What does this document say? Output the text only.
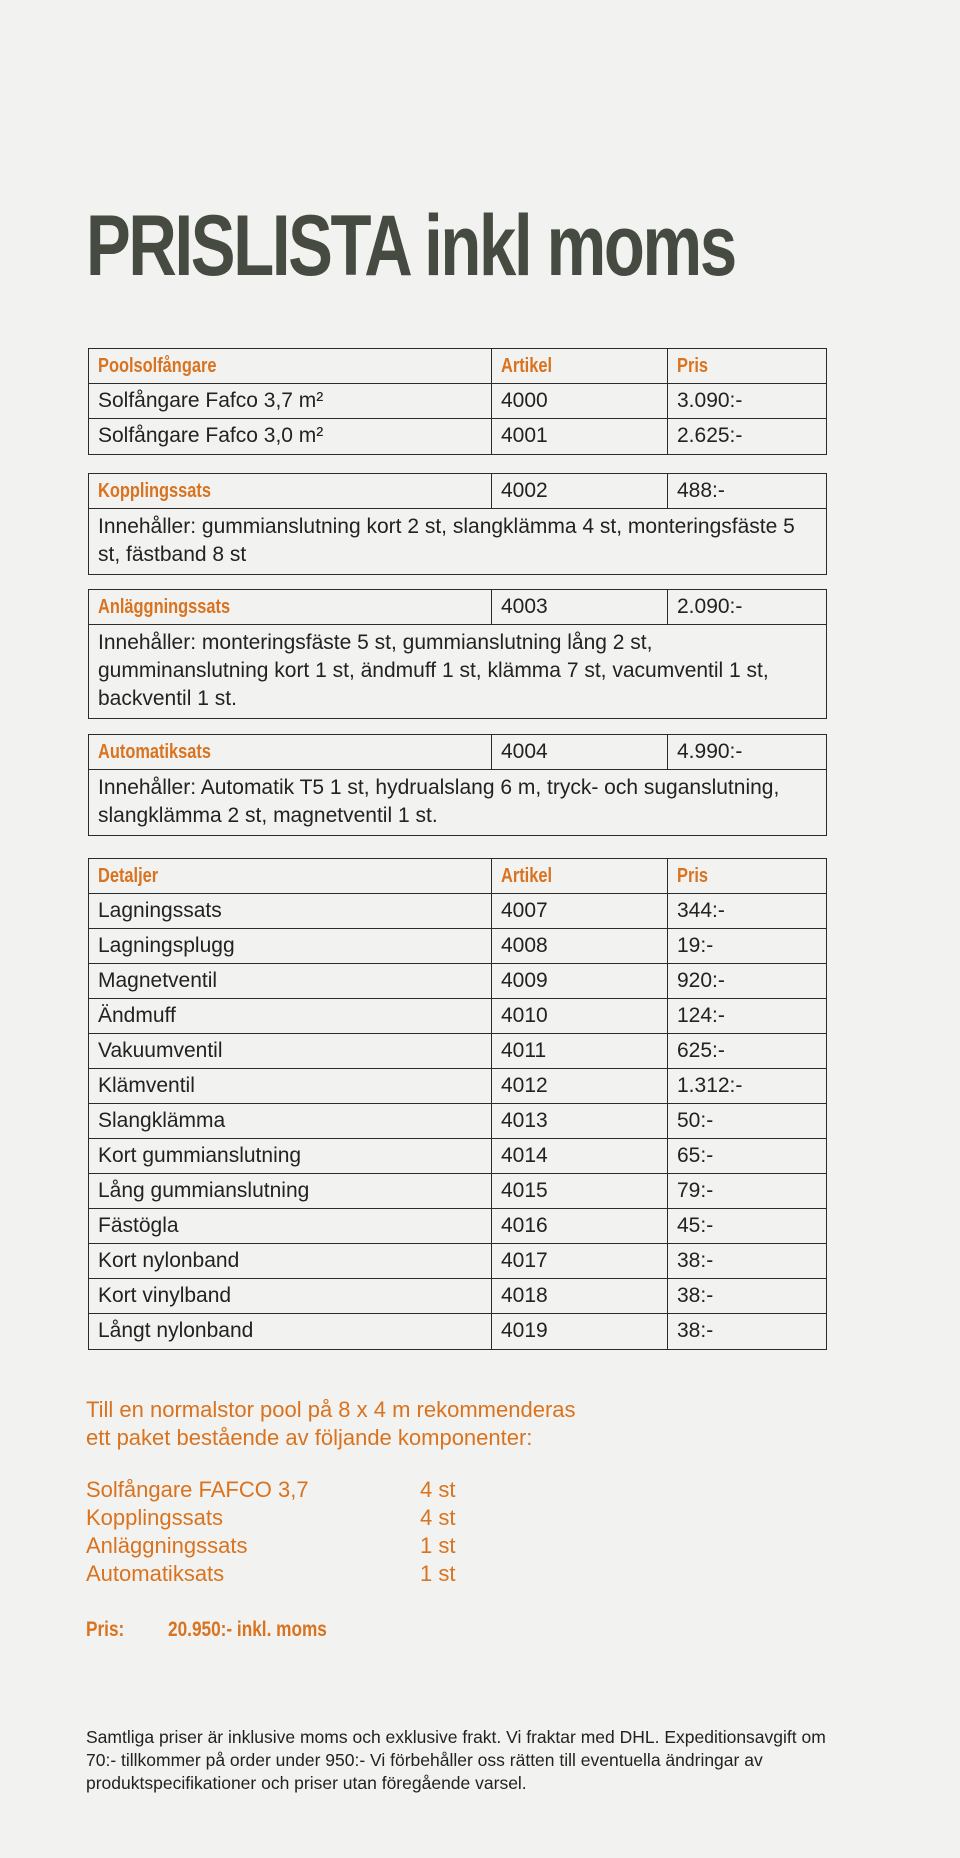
PRISLISTA inkl moms
Poolsolfångare	Artikel	Pris
Solfångare Fafco 3,7 m²	4000	3.090:-
Solfångare Fafco 3,0 m²	4001	2.625:-
Kopplingssats	4002	488:-
Innehåller: gummianslutning kort 2 st, slangklämma 4 st, monteringsfäste 5 st, fästband 8 st
Anläggningssats	4003	2.090:-
Innehåller: monteringsfäste 5 st, gummianslutning lång 2 st, gumminanslutning kort 1 st, ändmuff 1 st, klämma 7 st, vacumventil 1 st, backventil 1 st.
Automatiksats	4004	4.990:-
Innehåller: Automatik T5 1 st, hydrualslang 6 m, tryck- och suganslutning, slangklämma 2 st, magnetventil 1 st.
Detaljer	Artikel	Pris
Lagningssats	4007	344:-
Lagningsplugg	4008	19:-
Magnetventil	4009	920:-
Ändmuff	4010	124:-
Vakuumventil	4011	625:-
Klämventil	4012	1.312:-
Slangklämma	4013	50:-
Kort gummianslutning	4014	65:-
Lång gummianslutning	4015	79:-
Fästögla	4016	45:-
Kort nylonband	4017	38:-
Kort vinylband	4018	38:-
Långt nylonband	4019	38:-
Till en normalstor pool på 8 x 4 m rekommenderas
ett paket bestående av följande komponenter:
Solfångare FAFCO 3,7	4 st
Kopplingssats	4 st
Anläggningssats	1 st
Automatiksats	1 st
Pris: 20.950:- inkl. moms
Samtliga priser är inklusive moms och exklusive frakt. Vi fraktar med DHL. Expeditionsavgift om 70:- tillkommer på order under 950:- Vi förbehåller oss rätten till eventuella ändringar av produktspecifikationer och priser utan föregående varsel.
